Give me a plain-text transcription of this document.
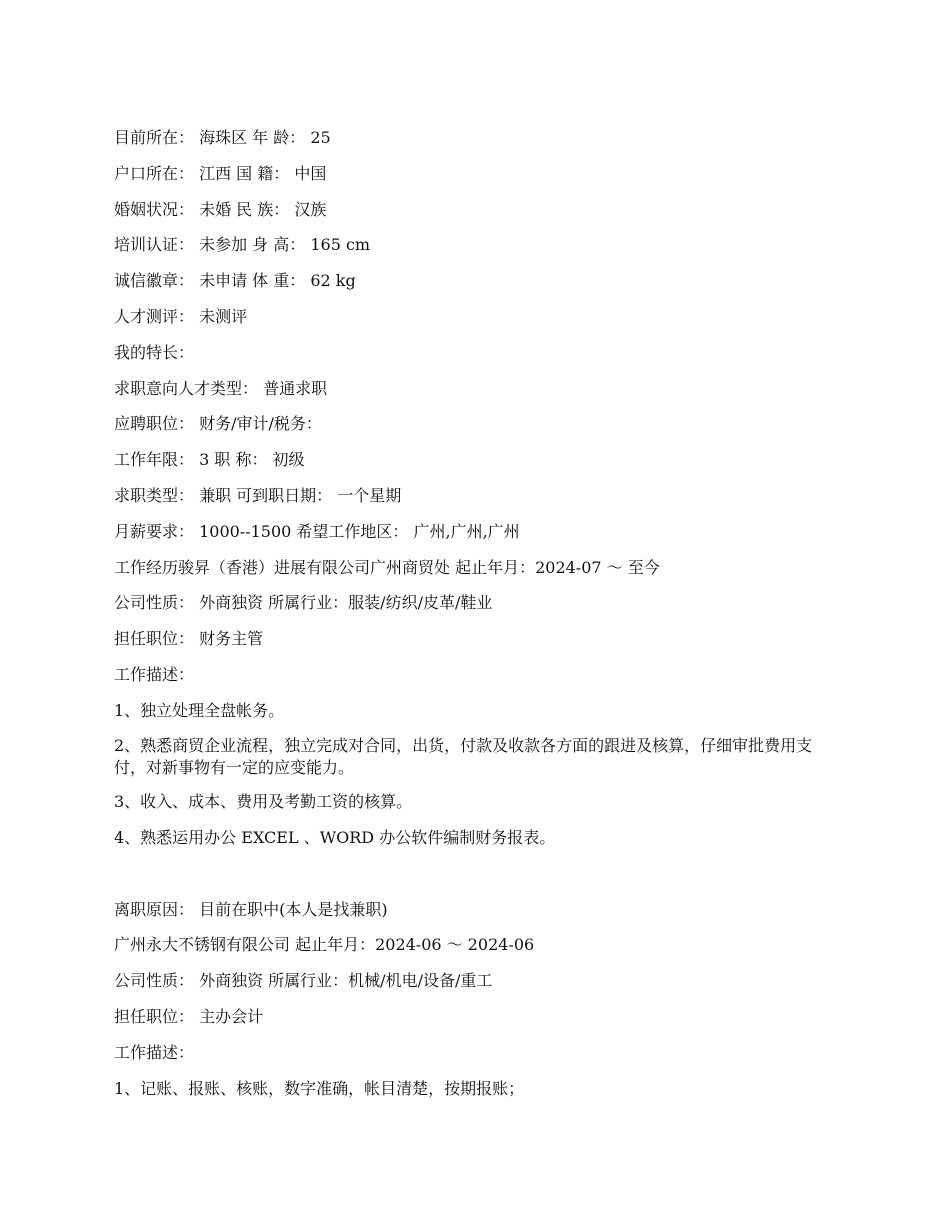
目前所在： 海珠区 年 龄： 25
户口所在： 江西 国 籍： 中国
婚姻状况： 未婚 民 族： 汉族
培训认证： 未参加 身 高： 165 cm
诚信徽章： 未申请 体 重： 62 kg
人才测评： 未测评
我的特长：
求职意向人才类型： 普通求职
应聘职位： 财务/审计/税务：
工作年限： 3 职 称： 初级
求职类型： 兼职 可到职日期： 一个星期
月薪要求： 1000--1500 希望工作地区： 广州,广州,广州
工作经历骏昇（香港）进展有限公司广州商贸处 起止年月：2024-07 ～ 至今
公司性质： 外商独资 所属行业：服装/纺织/皮革/鞋业
担任职位： 财务主管
工作描述：
1、独立处理全盘帐务。
2、熟悉商贸企业流程，独立完成对合同，出货，付款及收款各方面的跟进及核算，仔细审批费用支付，对新事物有一定的应变能力。
3、收入、成本、费用及考勤工资的核算。
4、熟悉运用办公 EXCEL 、WORD 办公软件编制财务报表。
离职原因： 目前在职中(本人是找兼职)
广州永大不锈钢有限公司 起止年月：2024-06 ～ 2024-06
公司性质： 外商独资 所属行业：机械/机电/设备/重工
担任职位： 主办会计
工作描述：
1、记账、报账、核账，数字准确，帐目清楚，按期报账；
